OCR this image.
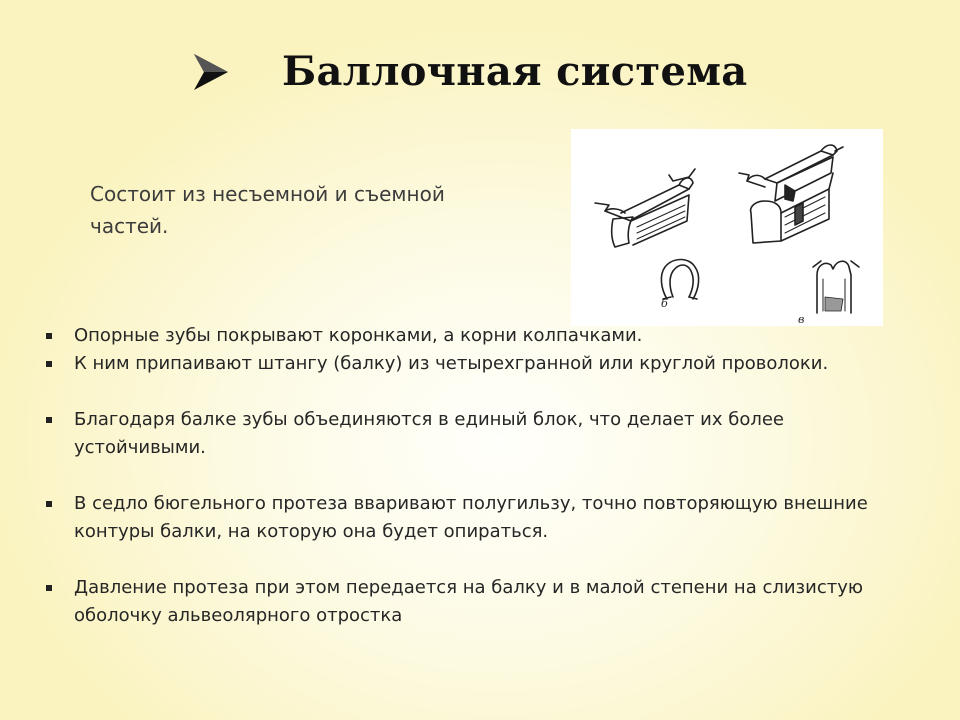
Баллочная система
Состоит из несъемной и съемной частей.
б
в
Опорные зубы покрывают коронками, а корни колпачками.
К ним припаивают штангу (балку) из четырехгранной или круглой проволоки.
Благодаря балке зубы объединяются в единый блок, что делает их более устойчивыми.
В седло бюгельного протеза вваривают полугильзу, точно повторяющую внешние контуры балки, на которую она будет опираться.
Давление протеза при этом передается на балку и в малой степени на слизистую оболочку альвеолярного отростка
